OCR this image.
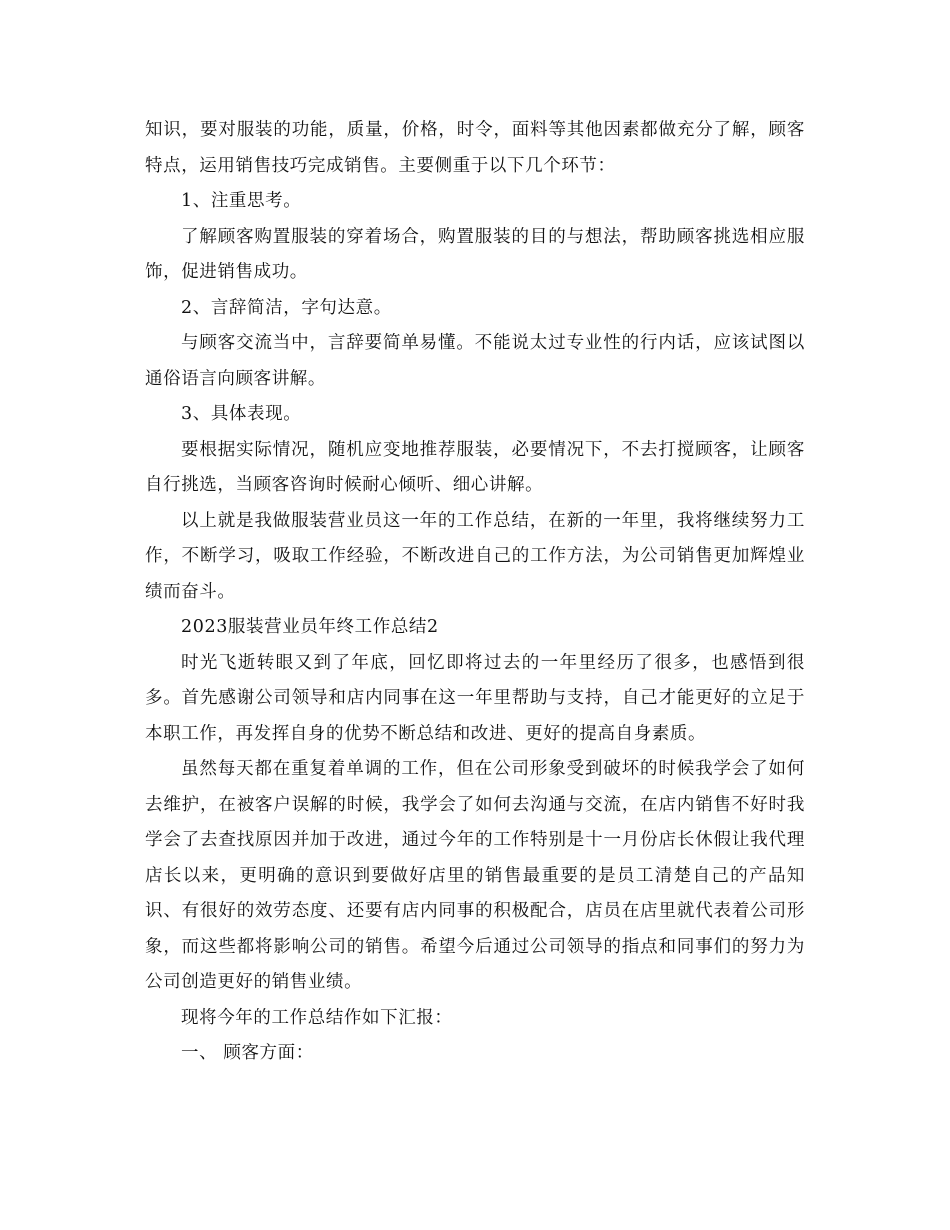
知识，要对服装的功能，质量，价格，时令，面料等其他因素都做充分了解，顾客特点，运用销售技巧完成销售。主要侧重于以下几个环节：

1、注重思考。

了解顾客购置服装的穿着场合，购置服装的目的与想法，帮助顾客挑选相应服饰，促进销售成功。

2、言辞简洁，字句达意。

与顾客交流当中，言辞要简单易懂。不能说太过专业性的行内话，应该试图以通俗语言向顾客讲解。

3、具体表现。

要根据实际情况，随机应变地推荐服装，必要情况下，不去打搅顾客，让顾客自行挑选，当顾客咨询时候耐心倾听、细心讲解。

以上就是我做服装营业员这一年的工作总结，在新的一年里，我将继续努力工作，不断学习，吸取工作经验，不断改进自己的工作方法，为公司销售更加辉煌业绩而奋斗。

2023服装营业员年终工作总结2

时光飞逝转眼又到了年底，回忆即将过去的一年里经历了很多，也感悟到很多。首先感谢公司领导和店内同事在这一年里帮助与支持，自己才能更好的立足于本职工作，再发挥自身的优势不断总结和改进、更好的提高自身素质。

虽然每天都在重复着单调的工作，但在公司形象受到破坏的时候我学会了如何去维护，在被客户误解的时候，我学会了如何去沟通与交流，在店内销售不好时我学会了去查找原因并加于改进，通过今年的工作特别是十一月份店长休假让我代理店长以来，更明确的意识到要做好店里的销售最重要的是员工清楚自己的产品知识、有很好的效劳态度、还要有店内同事的积极配合，店员在店里就代表着公司形象，而这些都将影响公司的销售。希望今后通过公司领导的指点和同事们的努力为公司创造更好的销售业绩。

现将今年的工作总结作如下汇报：

一、 顾客方面：
